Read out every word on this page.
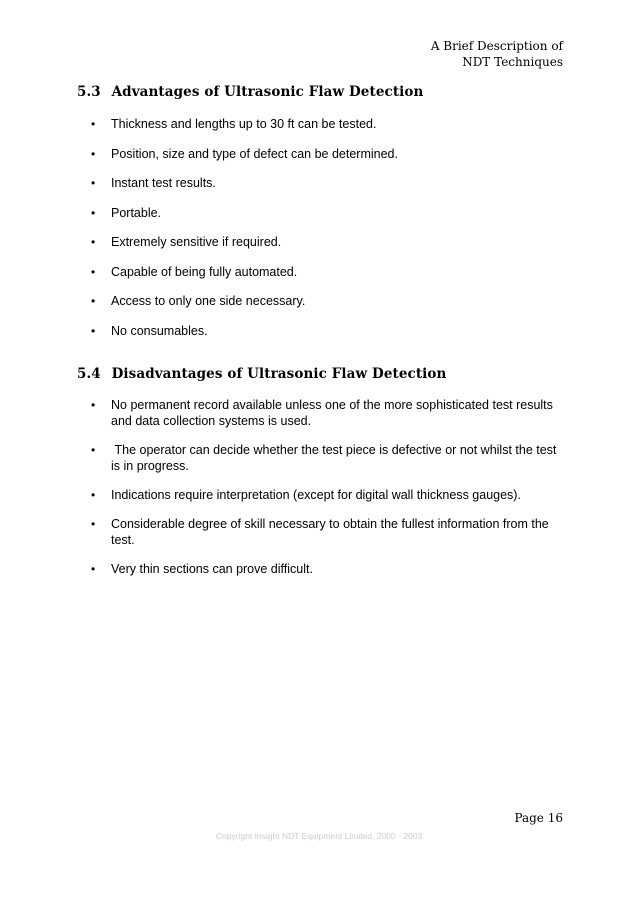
A Brief Description of
NDT Techniques
5.3 Advantages of Ultrasonic Flaw Detection
• Thickness and lengths up to 30 ft can be tested.
• Position, size and type of defect can be determined.
• Instant test results.
• Portable.
• Extremely sensitive if required.
• Capable of being fully automated.
• Access to only one side necessary.
• No consumables.
5.4 Disadvantages of Ultrasonic Flaw Detection
• No permanent record available unless one of the more sophisticated test results and data collection systems is used.
• The operator can decide whether the test piece is defective or not whilst the test is in progress.
• Indications require interpretation (except for digital wall thickness gauges).
• Considerable degree of skill necessary to obtain the fullest information from the test.
• Very thin sections can prove difficult.
Page 16
Copyright Insight NDT Equipment Limited, 2000 - 2003
